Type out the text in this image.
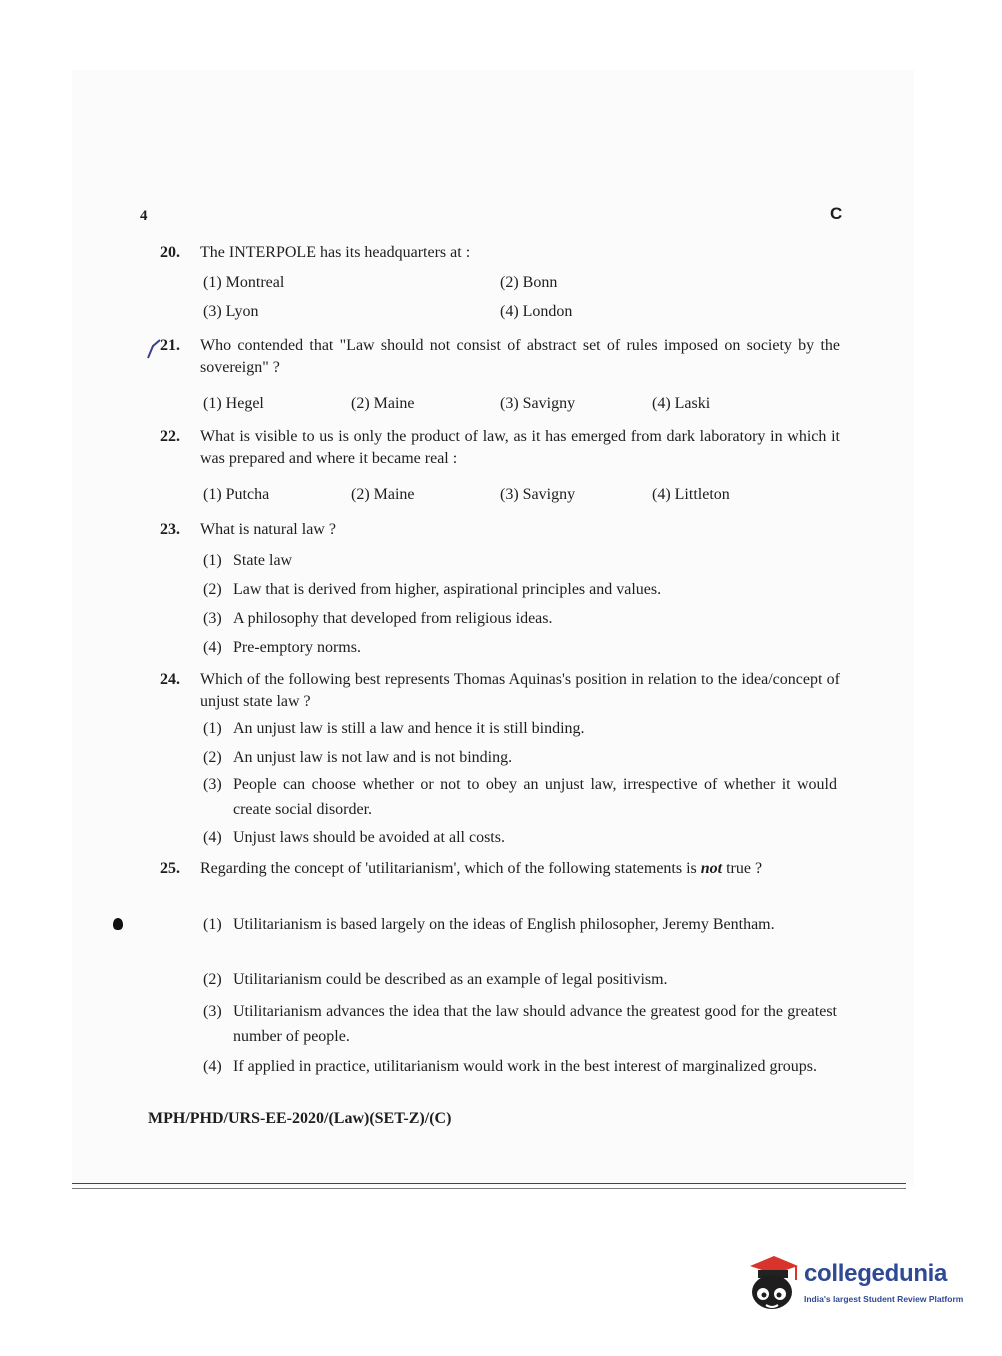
4	C
20.	The INTERPOLE has its headquarters at :
(1) Montreal	(2) Bonn
(3) Lyon	(4) London
21.	Who contended that "Law should not consist of abstract set of rules imposed on society by the sovereign" ?
(1) Hegel	(2) Maine	(3) Savigny	(4) Laski
22.	What is visible to us is only the product of law, as it has emerged from dark laboratory in which it was prepared and where it became real :
(1) Putcha	(2) Maine	(3) Savigny	(4) Littleton
23.	What is natural law ?
(1) State law
(2) Law that is derived from higher, aspirational principles and values.
(3) A philosophy that developed from religious ideas.
(4) Pre-emptory norms.
24.	Which of the following best represents Thomas Aquinas's position in relation to the idea/concept of unjust state law ?
(1) An unjust law is still a law and hence it is still binding.
(2) An unjust law is not law and is not binding.
(3) People can choose whether or not to obey an unjust law, irrespective of whether it would create social disorder.
(4) Unjust laws should be avoided at all costs.
25.	Regarding the concept of 'utilitarianism', which of the following statements is not true ?
(1) Utilitarianism is based largely on the ideas of English philosopher, Jeremy Bentham.
(2) Utilitarianism could be described as an example of legal positivism.
(3) Utilitarianism advances the idea that the law should advance the greatest good for the greatest number of people.
(4) If applied in practice, utilitarianism would work in the best interest of marginalized groups.
MPH/PHD/URS-EE-2020/(Law)(SET-Z)/(C)
collegedunia
India's largest Student Review Platform
